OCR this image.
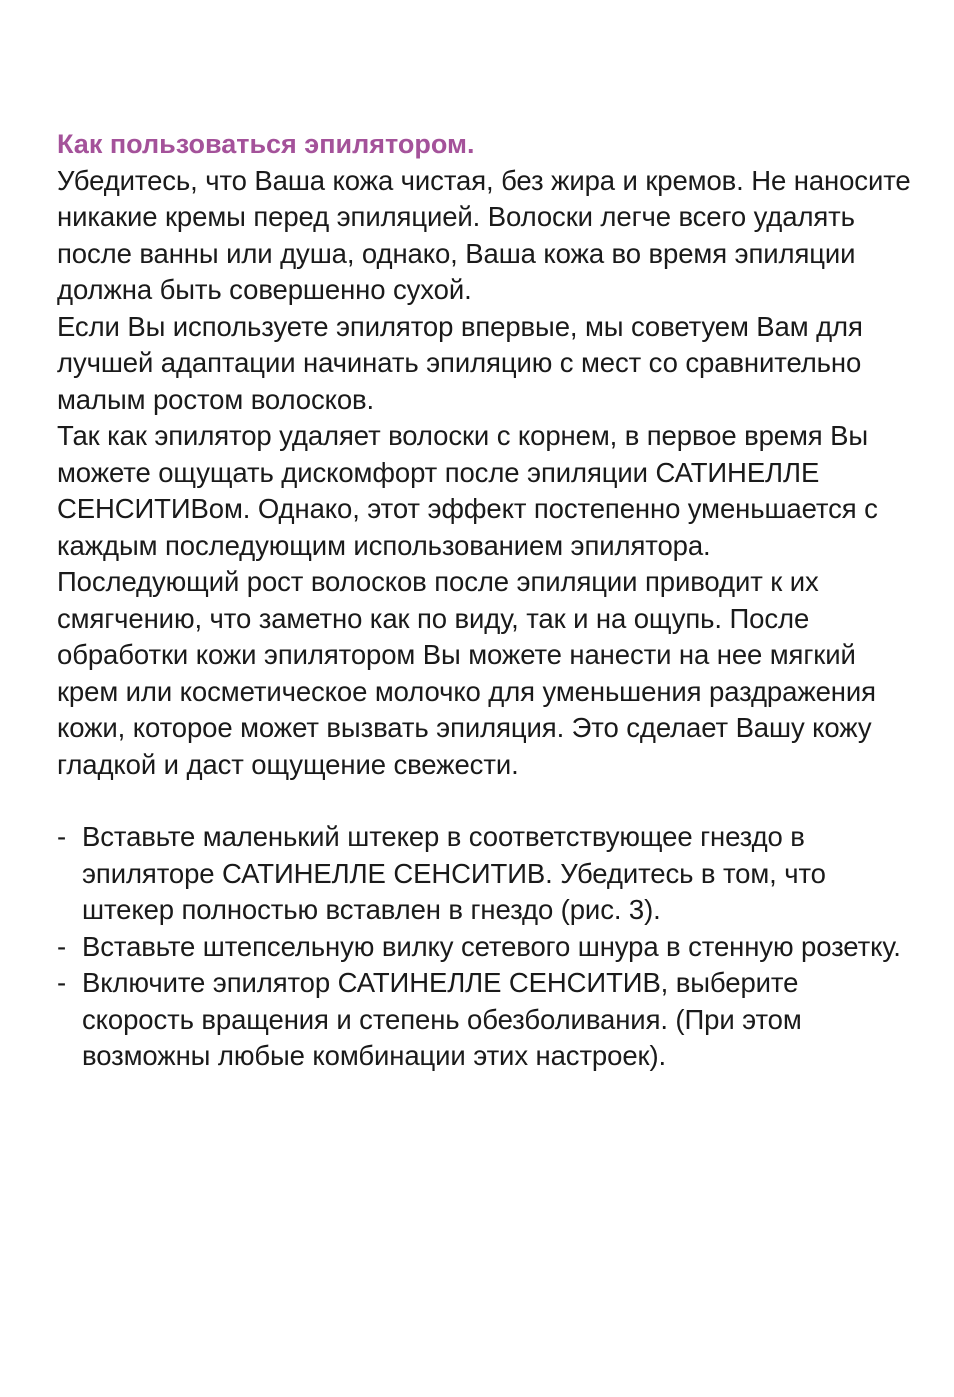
Как пользоваться эпилятором.
Убедитесь, что Ваша кожа чистая, без жира и кремов. Не наносите никакие кремы перед эпиляцией. Волоски легче всего удалять после ванны или душа, однако, Ваша кожа во время эпиляции должна быть совершенно сухой.
Если Вы используете эпилятор впервые, мы советуем Вам для лучшей адаптации начинать эпиляцию с мест со сравнительно малым ростом волосков.
Так как эпилятор удаляет волоски с корнем, в первое время Вы можете ощущать дискомфорт после эпиляции САТИНЕЛЛЕ СЕНСИТИВом. Однако, этот эффект постепенно уменьшается с каждым последующим использованием эпилятора.
Последующий рост волосков после эпиляции приводит к их смягчению, что заметно как по виду, так и на ощупь. После обработки кожи эпилятором Вы можете нанести на нее мягкий крем или косметическое молочко для уменьшения раздражения кожи, которое может вызвать эпиляция. Это сделает Вашу кожу гладкой и даст ощущение свежести.
- Вставьте маленький штекер в соответствующее гнездо в эпиляторе САТИНЕЛЛЕ СЕНСИТИВ. Убедитесь в том, что штекер полностью вставлен в гнездо (рис. 3).
- Вставьте штепсельную вилку сетевого шнура в стенную розетку.
- Включите эпилятор САТИНЕЛЛЕ СЕНСИТИВ, выберите скорость вращения и степень обезболивания. (При этом возможны любые комбинации этих настроек).
